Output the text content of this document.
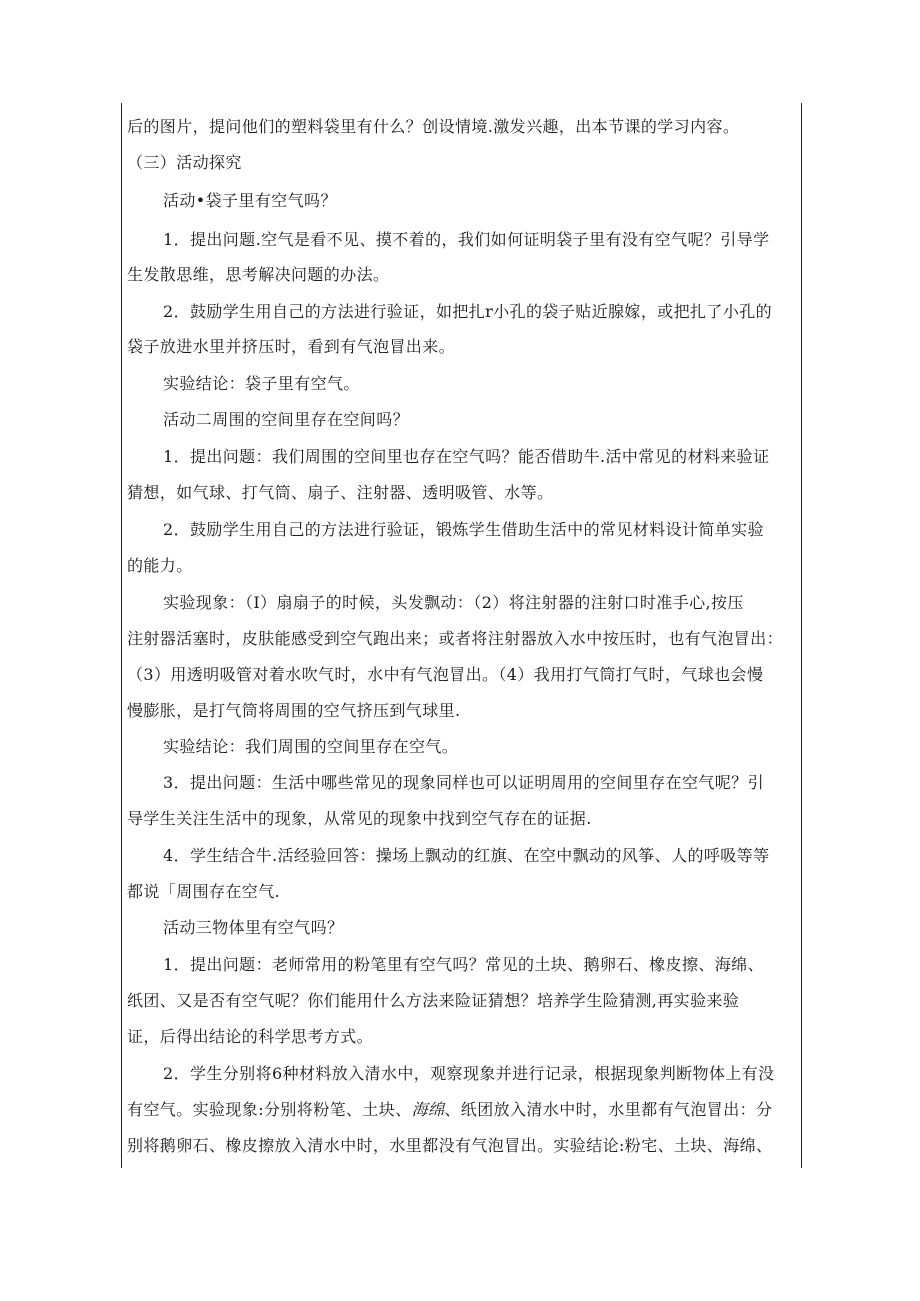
后的图片，提问他们的塑料袋里有什么？创设情境.激发兴趣，出本节课的学习内容。
（三）活动探究
活动•袋子里有空气吗？
1．提出问题.空气是看不见、摸不着的，我们如何证明袋子里有没有空气呢？引导学
生发散思维，思考解决问题的办法。
2．鼓励学生用自己的方法进行验证，如把扎r小孔的袋子贴近腺嫁，或把扎了小孔的
袋子放进水里并挤压时，看到有气泡冒出来。
实验结论：袋子里有空气。
活动二周围的空间里存在空间吗？
1．提出问题：我们周围的空间里也存在空气吗？能否借助牛.活中常见的材料来验证
猜想，如气球、打气筒、扇子、注射器、透明吸管、水等。
2．鼓励学生用自己的方法进行验证，锻炼学生借助生活中的常见材料设计简单实验
的能力。
实验现象：（I）扇扇子的时候，头发飘动：（2）将注射器的注射口时准手心,按压
注射器活塞时，皮肤能感受到空气跑出来；或者将注射器放入水中按压时，也有气泡冒出：
（3）用透明吸管对着水吹气时，水中有气泡冒出。（4）我用打气筒打气时，气球也会慢
慢膨胀，是打气筒将周围的空气挤压到气球里.
实验结论：我们周围的空间里存在空气。
3．提出问题：生活中哪些常见的现象同样也可以证明周用的空间里存在空气呢？引
导学生关注生活中的现象，从常见的现象中找到空气存在的证据.
4．学生结合牛.活经验回答：操场上飘动的红旗、在空中飘动的风筝、人的呼吸等等
都说「周围存在空气.
活动三物体里有空气吗？
1．提出问题：老师常用的粉笔里有空气吗？常见的土块、鹅卵石、橡皮擦、海绵、
纸团、又是否有空气呢？你们能用什么方法来险证猜想？培养学生险猜测,再实验来验
证，后得出结论的科学思考方式。
2．学生分别将6种材料放入清水中，观察现象并进行记录，根据现象判断物体上有没
有空气。实验现象:分别将粉笔、土块、海绵、纸团放入清水中时，水里都有气泡冒出：分
别将鹅卵石、橡皮擦放入清水中时，水里都没有气泡冒出。实验结论:粉宅、土块、海绵、
